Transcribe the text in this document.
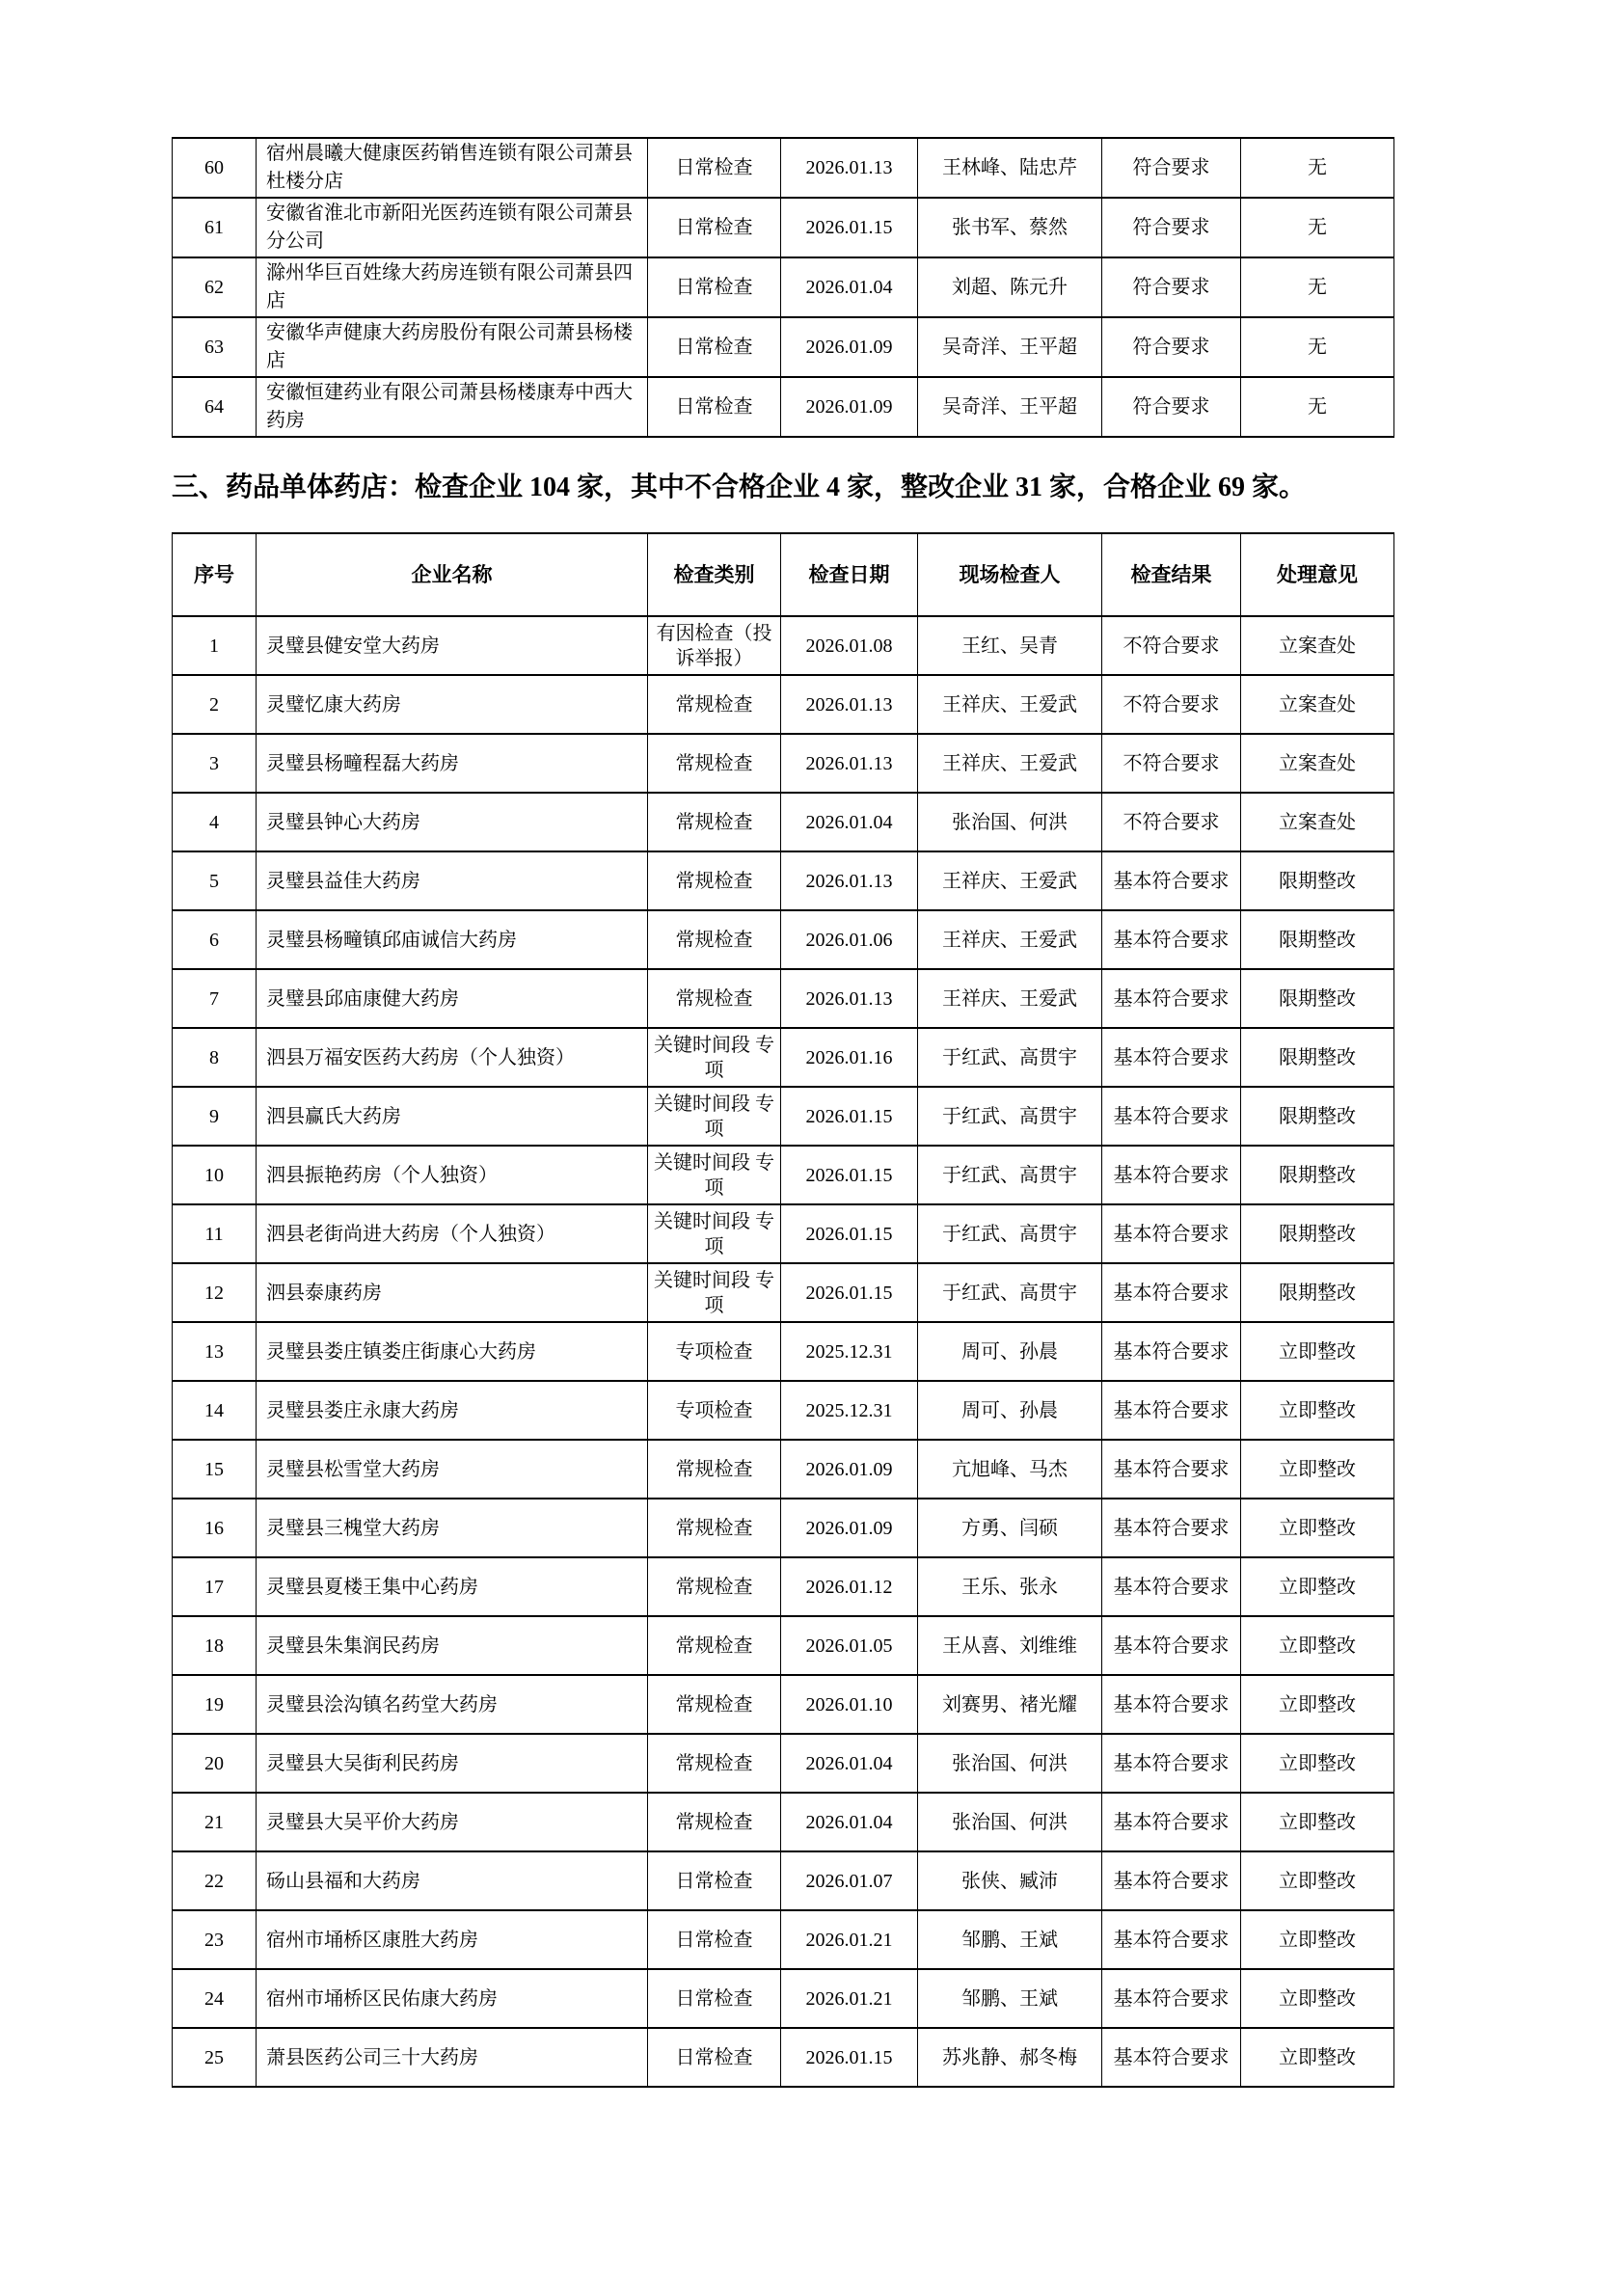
60	宿州晨曦大健康医药销售连锁有限公司萧县杜楼分店	日常检查	2026.01.13	王林峰、陆忠芹	符合要求	无
61	安徽省淮北市新阳光医药连锁有限公司萧县分公司	日常检查	2026.01.15	张书军、蔡然	符合要求	无
62	滁州华巨百姓缘大药房连锁有限公司萧县四店	日常检查	2026.01.04	刘超、陈元升	符合要求	无
63	安徽华声健康大药房股份有限公司萧县杨楼店	日常检查	2026.01.09	吴奇洋、王平超	符合要求	无
64	安徽恒建药业有限公司萧县杨楼康寿中西大药房	日常检查	2026.01.09	吴奇洋、王平超	符合要求	无
三、药品单体药店：检查企业 104 家，其中不合格企业 4 家，整改企业 31 家，合格企业 69 家。
序号	企业名称	检查类别	检查日期	现场检查人	检查结果	处理意见
1	灵璧县健安堂大药房	有因检查（投诉举报）	2026.01.08	王红、吴青	不符合要求	立案查处
2	灵璧忆康大药房	常规检查	2026.01.13	王祥庆、王爱武	不符合要求	立案查处
3	灵璧县杨疃程磊大药房	常规检查	2026.01.13	王祥庆、王爱武	不符合要求	立案查处
4	灵璧县钟心大药房	常规检查	2026.01.04	张治国、何洪	不符合要求	立案查处
5	灵璧县益佳大药房	常规检查	2026.01.13	王祥庆、王爱武	基本符合要求	限期整改
6	灵璧县杨疃镇邱庙诚信大药房	常规检查	2026.01.06	王祥庆、王爱武	基本符合要求	限期整改
7	灵璧县邱庙康健大药房	常规检查	2026.01.13	王祥庆、王爱武	基本符合要求	限期整改
8	泗县万福安医药大药房（个人独资）	关键时间段 专项	2026.01.16	于红武、高贯宇	基本符合要求	限期整改
9	泗县赢氏大药房	关键时间段 专项	2026.01.15	于红武、高贯宇	基本符合要求	限期整改
10	泗县振艳药房（个人独资）	关键时间段 专项	2026.01.15	于红武、高贯宇	基本符合要求	限期整改
11	泗县老街尚进大药房（个人独资）	关键时间段 专项	2026.01.15	于红武、高贯宇	基本符合要求	限期整改
12	泗县泰康药房	关键时间段 专项	2026.01.15	于红武、高贯宇	基本符合要求	限期整改
13	灵璧县娄庄镇娄庄街康心大药房	专项检查	2025.12.31	周可、孙晨	基本符合要求	立即整改
14	灵璧县娄庄永康大药房	专项检查	2025.12.31	周可、孙晨	基本符合要求	立即整改
15	灵璧县松雪堂大药房	常规检查	2026.01.09	亢旭峰、马杰	基本符合要求	立即整改
16	灵璧县三槐堂大药房	常规检查	2026.01.09	方勇、闫硕	基本符合要求	立即整改
17	灵璧县夏楼王集中心药房	常规检查	2026.01.12	王乐、张永	基本符合要求	立即整改
18	灵璧县朱集润民药房	常规检查	2026.01.05	王从喜、刘维维	基本符合要求	立即整改
19	灵璧县浍沟镇名药堂大药房	常规检查	2026.01.10	刘赛男、褚光耀	基本符合要求	立即整改
20	灵璧县大吴街利民药房	常规检查	2026.01.04	张治国、何洪	基本符合要求	立即整改
21	灵璧县大吴平价大药房	常规检查	2026.01.04	张治国、何洪	基本符合要求	立即整改
22	砀山县福和大药房	日常检查	2026.01.07	张侠、臧沛	基本符合要求	立即整改
23	宿州市埇桥区康胜大药房	日常检查	2026.01.21	邹鹏、王斌	基本符合要求	立即整改
24	宿州市埇桥区民佑康大药房	日常检查	2026.01.21	邹鹏、王斌	基本符合要求	立即整改
25	萧县医药公司三十大药房	日常检查	2026.01.15	苏兆静、郝冬梅	基本符合要求	立即整改
